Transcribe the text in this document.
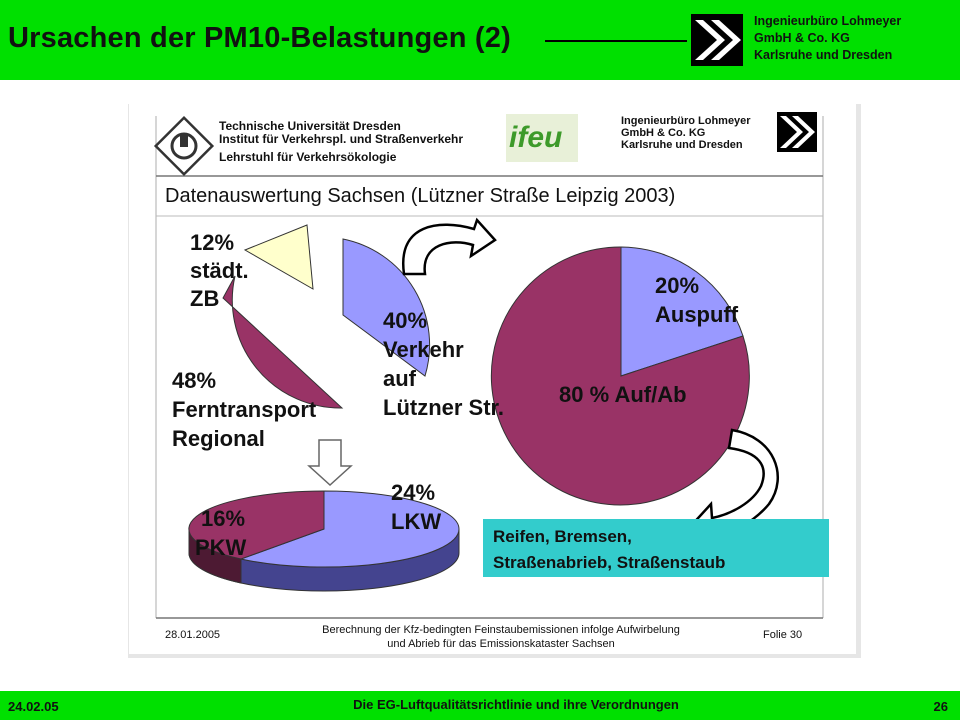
Ursachen der PM10-Belastungen (2)
Ingenieurbüro Lohmeyer
GmbH & Co. KG
Karlsruhe und Dresden
Technische Universität Dresden
Institut für Verkehrspl. und Straßenverkehr
Lehrstuhl für Verkehrsökologie
ifeu	Ingenieurbüro Lohmeyer
GmbH & Co. KG
Karlsruhe und Dresden
Datenauswertung Sachsen (Lützner Straße Leipzig 2003)
Reifen, Bremsen,
Straßenabrieb, Straßenstaub
12%
städt.
ZB
48%
Ferntransport
Regional
40%
Verkehr
auf
Lützner Str.
20%
Auspuff
80 % Auf/Ab
24%
LKW
16%
PKW
28.01.2005	Berechnung der Kfz-bedingten Feinstaubemissionen infolge Aufwirbelung
und Abrieb für das Emissionskataster Sachsen
Folie 30
24.02.05	Die EG-Luftqualitätsrichtlinie und ihre Verordnungen	26
